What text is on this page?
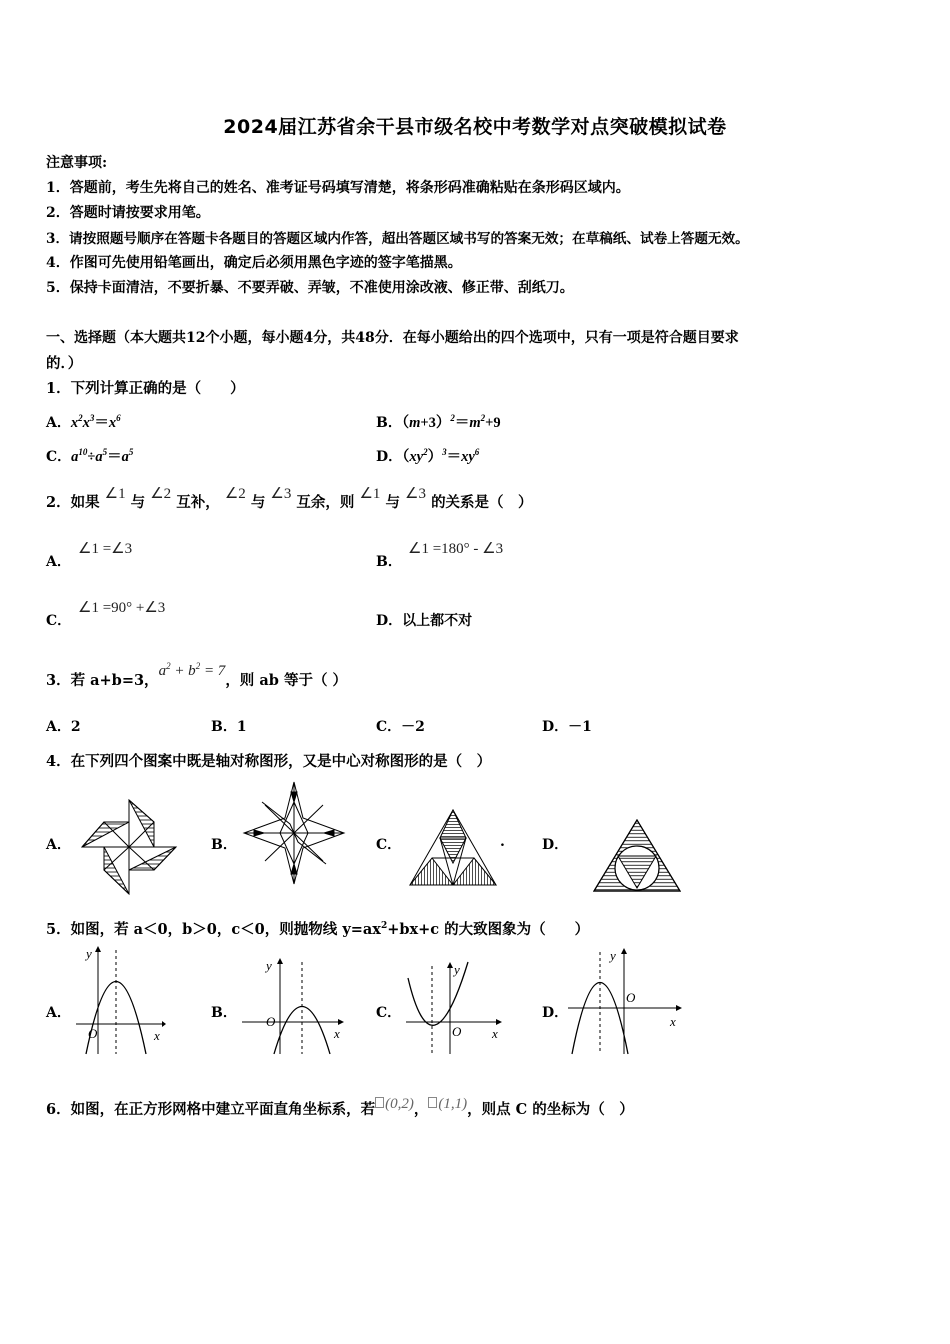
2024届江苏省余干县市级名校中考数学对点突破模拟试卷
注意事项:
1．答题前，考生先将自己的姓名、准考证号码填写清楚，将条形码准确粘贴在条形码区域内。
2．答题时请按要求用笔。
3．请按照题号顺序在答题卡各题目的答题区域内作答，超出答题区域书写的答案无效；在草稿纸、试卷上答题无效。
4．作图可先使用铅笔画出，确定后必须用黑色字迹的签字笔描黑。
5．保持卡面清洁，不要折暴、不要弄破、弄皱，不准使用涂改液、修正带、刮纸刀。
一、选择题（本大题共12个小题，每小题4分，共48分．在每小题给出的四个选项中，只有一项是符合题目要求
的．）
1．下列计算正确的是（　　）
A．$x^2x^3=x^6$	B．$(m+3)^2=m^2+9$
C．$a^{10}\div a^5=a^5$	D．$(xy^2)^3=xy^6$
2．如果 ∠1 与 ∠2 互补， ∠2 与 ∠3 互余，则 ∠1 与 ∠3 的关系是（　）
A．
∠1 =∠3
B．
∠1 =180° - ∠3
C．
∠1 =90° +∠3
D．以上都不对
3．若 a+b=3，$a^2 + b^2 = 7$，则 ab 等于（ ）
A．2	B．1	C．－2	D．－1
4．在下列四个图案中既是轴对称图形，又是中心对称图形的是（　）
A．	B．	C．	.	D．
5．如图，若 a＜0，b＞0，c＜0，则抛物线 $y=ax^2+bx+c$ 的大致图象为（　　）
A．	B．	C．	D．
y
x
O
y
x
O
y
x
O
y
x
O
6．如图，在正方形网格中建立平面直角坐标系，若 (0,2)， (1,1)，则点 C 的坐标为（　）
